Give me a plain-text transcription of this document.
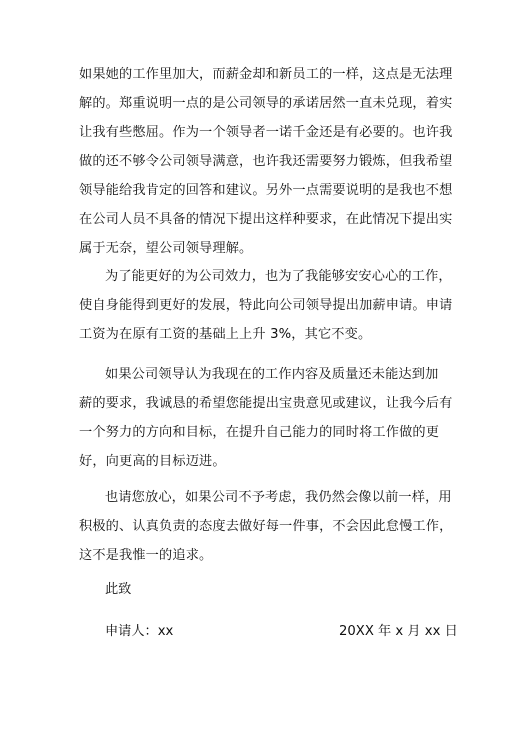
如果她的工作里加大，而薪金却和新员工的一样，这点是无法理
解的。郑重说明一点的是公司领导的承诺居然一直未兑现，着实
让我有些憋屈。作为一个领导者一诺千金还是有必要的。也许我
做的还不够令公司领导满意，也许我还需要努力锻炼，但我希望
领导能给我肯定的回答和建议。另外一点需要说明的是我也不想
在公司人员不具备的情况下提出这样种要求，在此情况下提出实
属于无奈，望公司领导理解。
为了能更好的为公司效力，也为了我能够安安心心的工作，
使自身能得到更好的发展，特此向公司领导提出加薪申请。申请
工资为在原有工资的基础上上升 3%，其它不变。
如果公司领导认为我现在的工作内容及质量还未能达到加
薪的要求，我诚恳的希望您能提出宝贵意见或建议，让我今后有
一个努力的方向和目标，在提升自己能力的同时将工作做的更
好，向更高的目标迈进。
也请您放心，如果公司不予考虑，我仍然会像以前一样，用
积极的、认真负责的态度去做好每一件事，不会因此怠慢工作，
这不是我惟一的追求。
此致
申请人：xx	20XX 年 x 月 xx 日
